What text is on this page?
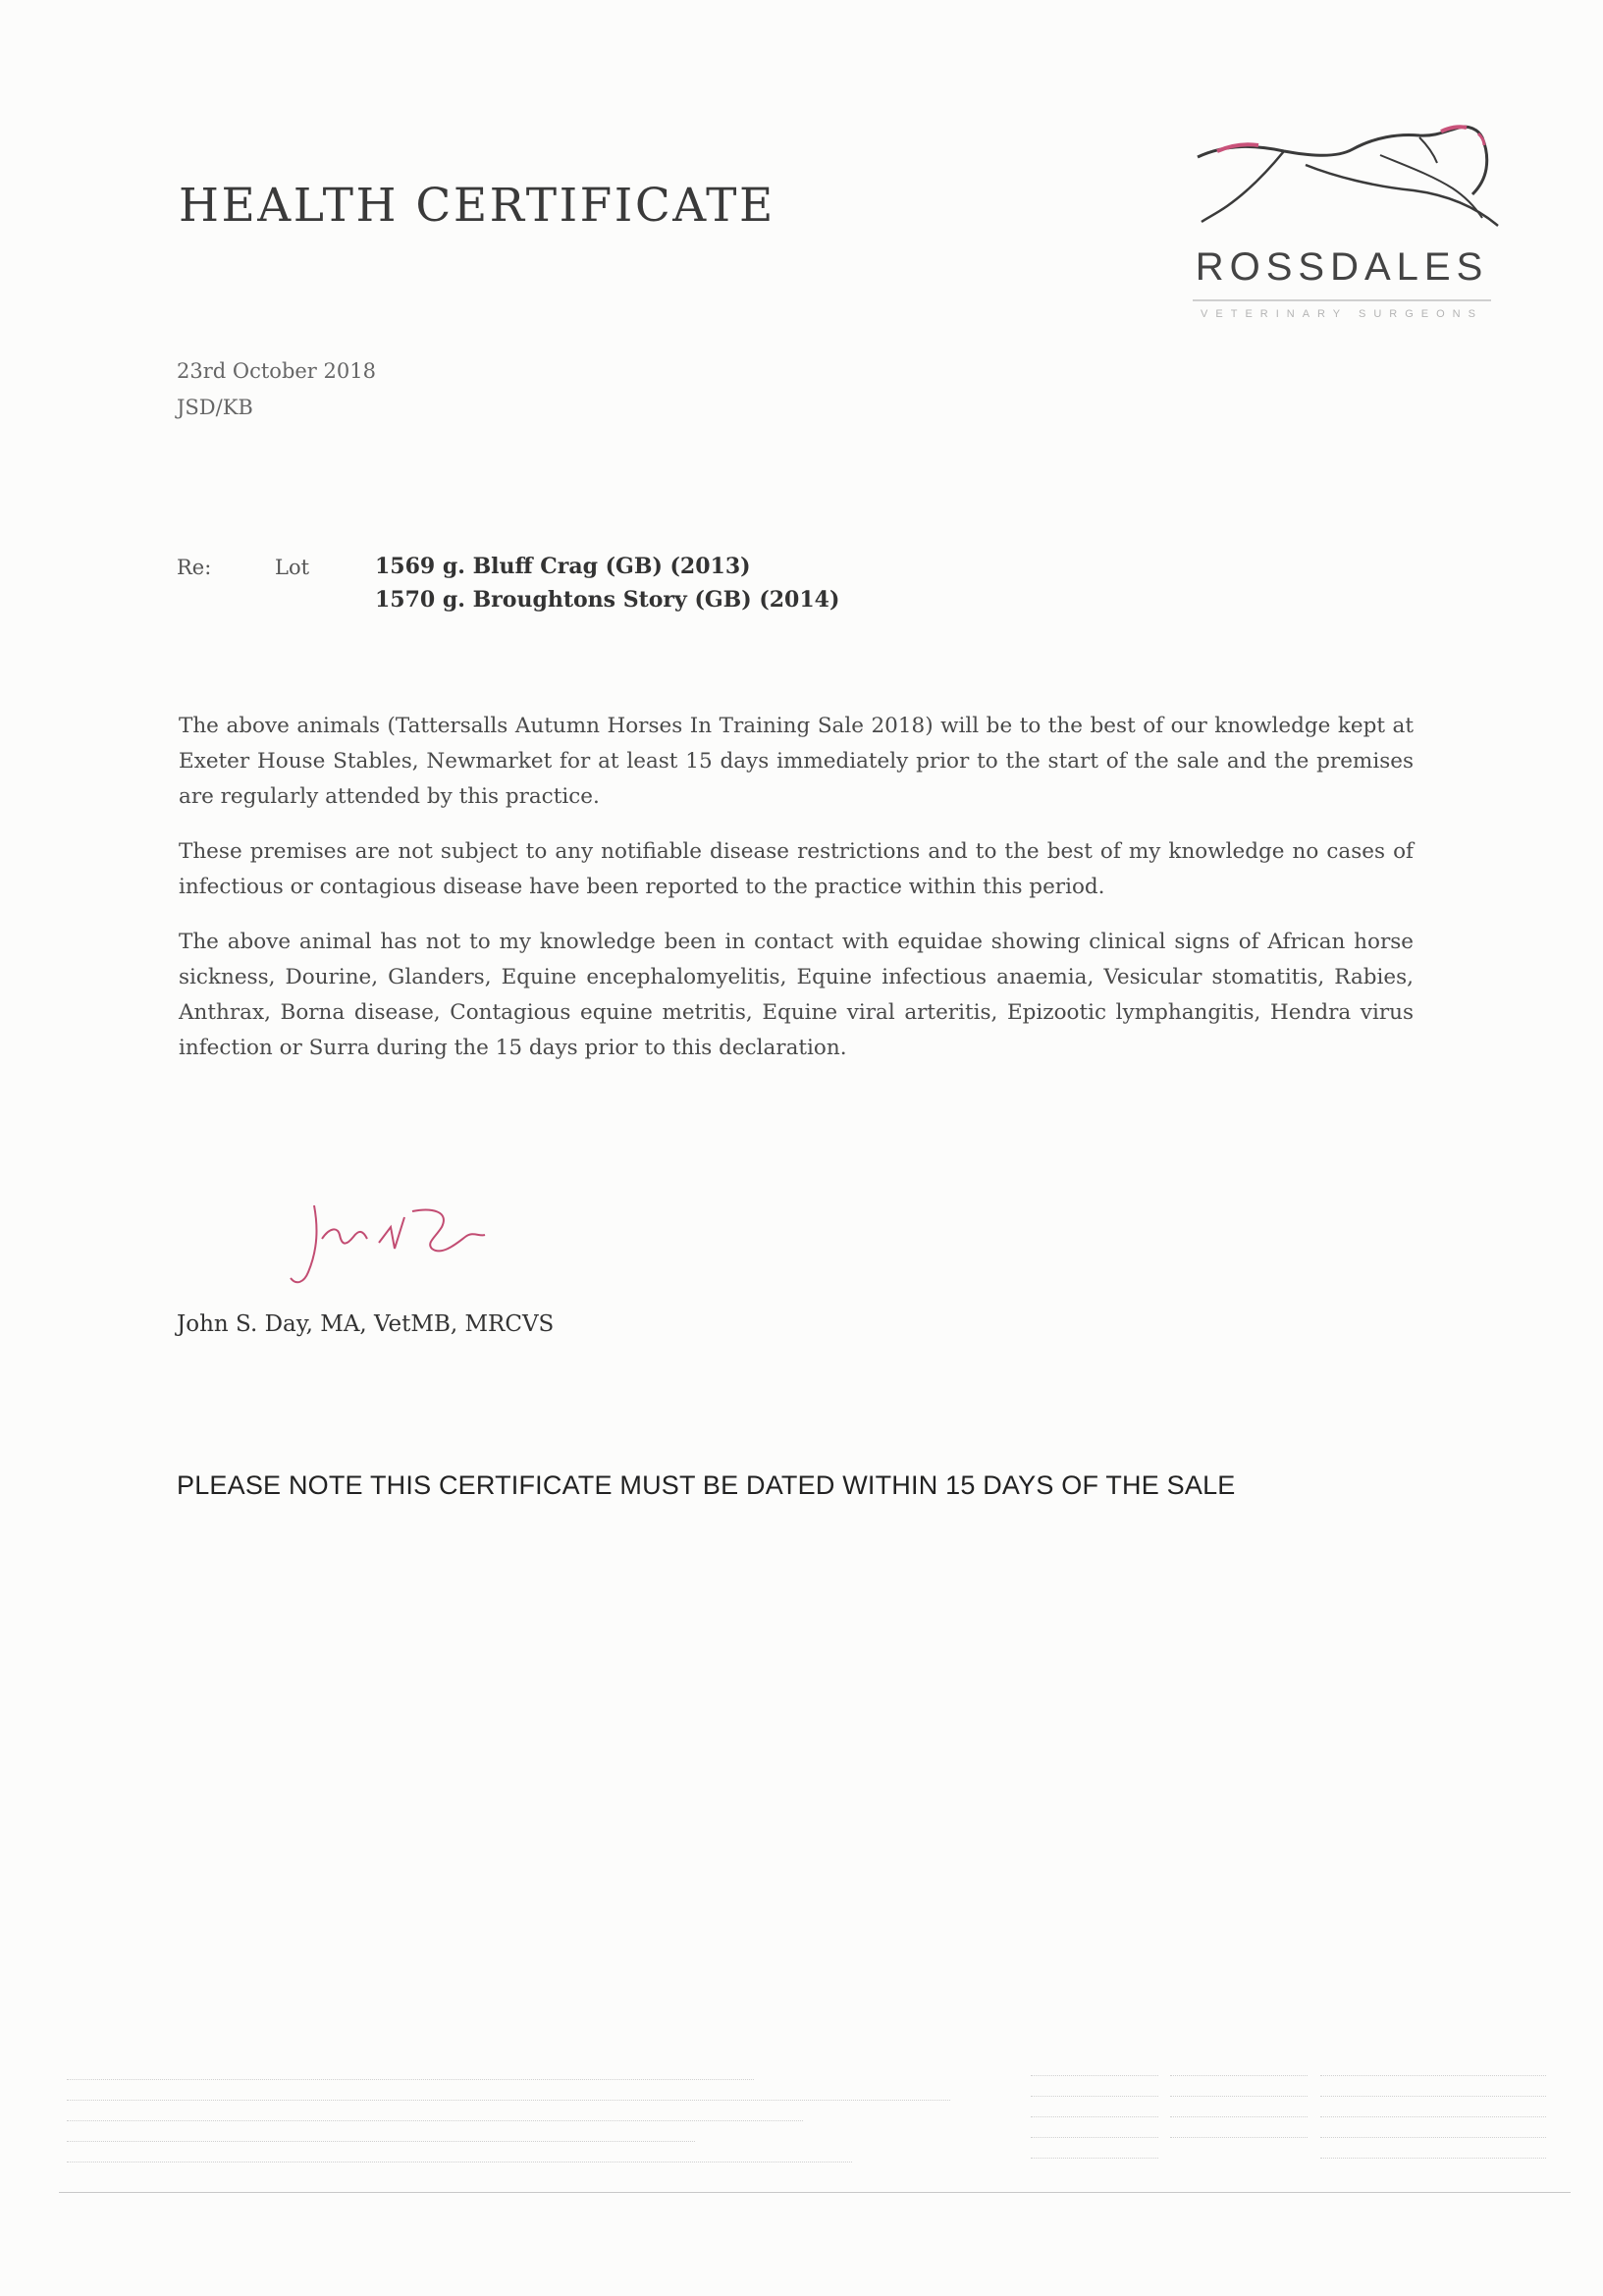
HEALTH CERTIFICATE
ROSSDALES
VETERINARY SURGEONS
23rd October 2018
JSD/KB
Re:	Lot	1569 g. Bluff Crag (GB) (2013)
1570 g. Broughtons Story (GB) (2014)

The above animals (Tattersalls Autumn Horses In Training Sale 2018) will be to the best of our knowledge kept at Exeter House Stables, Newmarket for at least 15 days immediately prior to the start of the sale and the premises are regularly attended by this practice.

These premises are not subject to any notifiable disease restrictions and to the best of my knowledge no cases of infectious or contagious disease have been reported to the practice within this period.

The above animal has not to my knowledge been in contact with equidae showing clinical signs of African horse sickness, Dourine, Glanders, Equine encephalomyelitis, Equine infectious anaemia, Vesicular stomatitis, Rabies, Anthrax, Borna disease, Contagious equine metritis, Equine viral arteritis, Epizootic lymphangitis, Hendra virus infection or Surra during the 15 days prior to this declaration.

John S. Day, MA, VetMB, MRCVS
PLEASE NOTE THIS CERTIFICATE MUST BE DATED WITHIN 15 DAYS OF THE SALE
